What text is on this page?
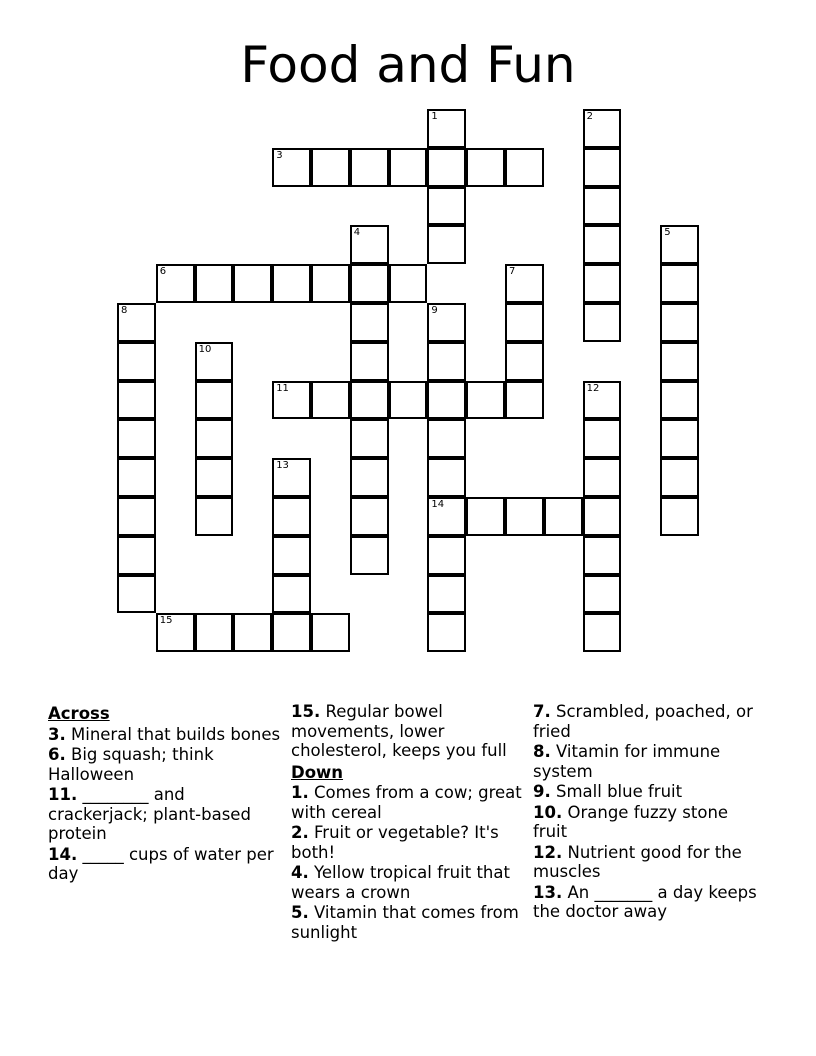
Food and Fun
1	2
3
4	5
6	7
8	9
14
10
11	12
13
15
Across
3. Mineral that builds bones
6. Big squash; think Halloween
11. ________ and crackerjack; plant-based protein
14. _____ cups of water per day
15. Regular bowel movements, lower cholesterol, keeps you full
Down
1. Comes from a cow; great with cereal
2. Fruit or vegetable? It's both!
4. Yellow tropical fruit that wears a crown
5. Vitamin that comes from sunlight
7. Scrambled, poached, or fried
8. Vitamin for immune system
9. Small blue fruit
10. Orange fuzzy stone fruit
12. Nutrient good for the muscles
13. An _______ a day keeps the doctor away
